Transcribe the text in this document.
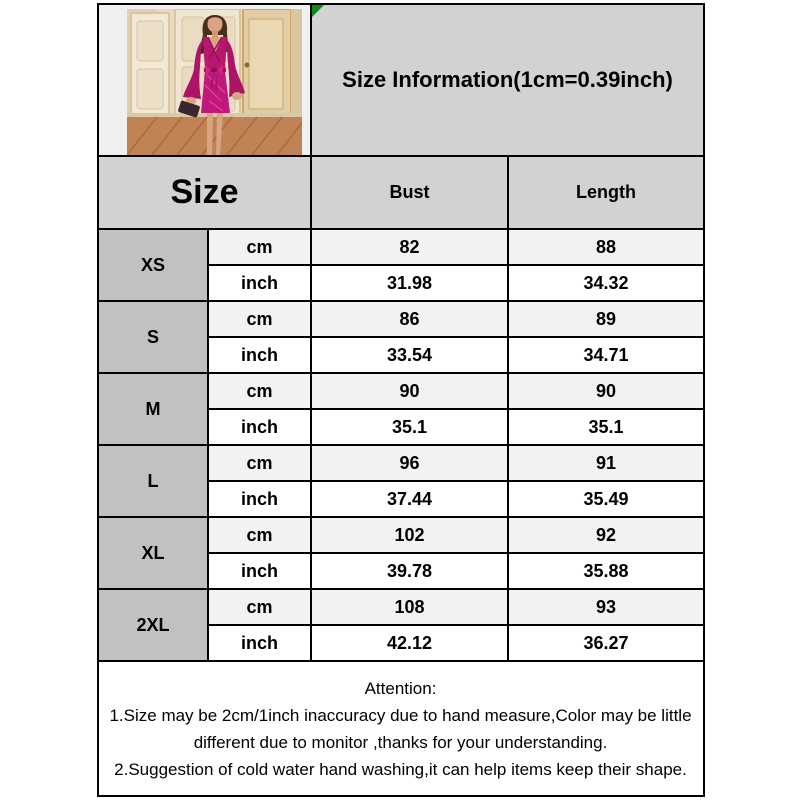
Size Information(1cm=0.39inch)	
Size		Bust	Length
XS	cm	82	88
	inch	31.98	34.32
S	cm	86	89
	inch	33.54	34.71
M	cm	90	90
	inch	35.1	35.1
L	cm	96	91
	inch	37.44	35.49
XL	cm	102	92
	inch	39.78	35.88
2XL	cm	108	93
	inch	42.12	36.27

Attention:
1.Size may be 2cm/1inch inaccuracy due to hand measure,Color may be little different due to monitor ,thanks for your understanding.
2.Suggestion of cold water hand washing,it can help items keep their shape.			
